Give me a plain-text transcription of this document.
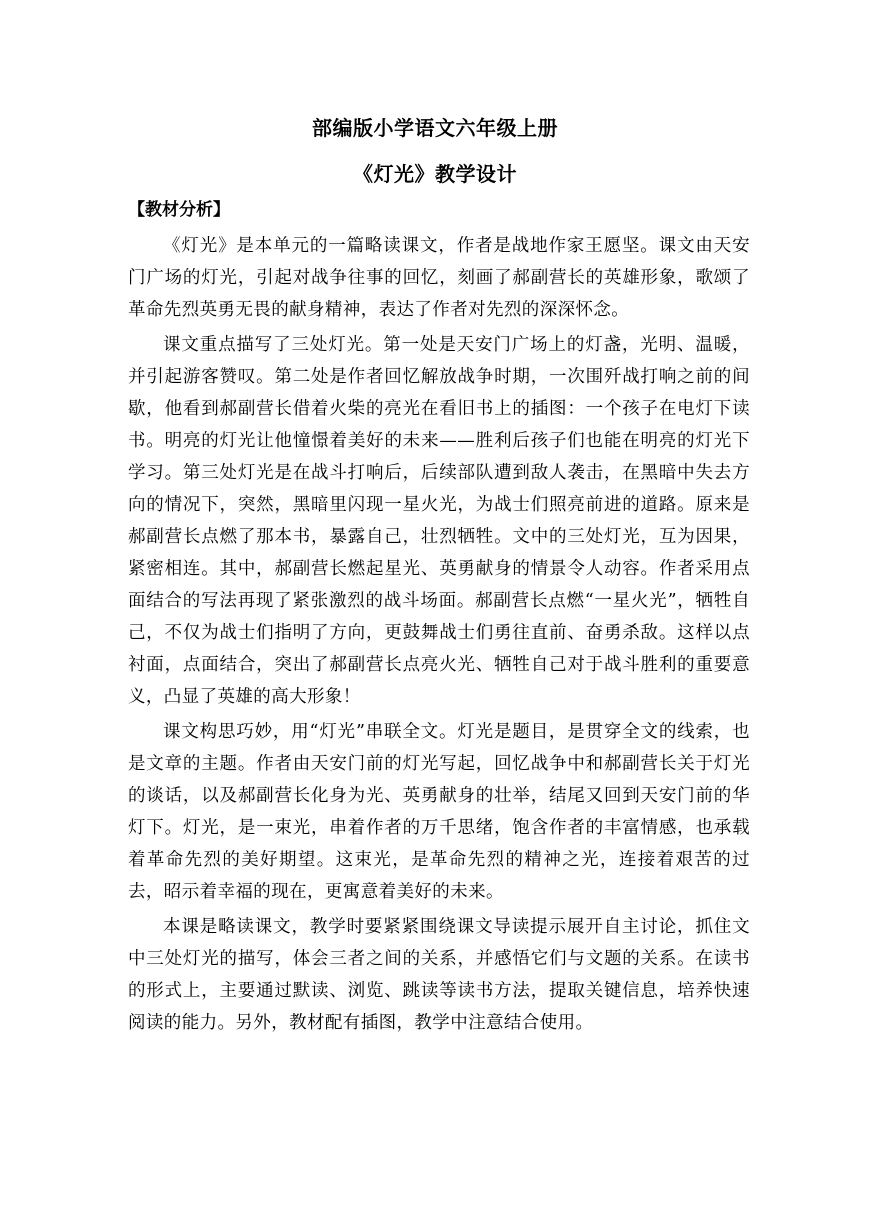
部编版小学语文六年级上册
《灯光》教学设计
【教材分析】

《灯光》是本单元的一篇略读课文，作者是战地作家王愿坚。课文由天安门广场的灯光，引起对战争往事的回忆，刻画了郝副营长的英雄形象，歌颂了革命先烈英勇无畏的献身精神，表达了作者对先烈的深深怀念。

课文重点描写了三处灯光。第一处是天安门广场上的灯盏，光明、温暖，并引起游客赞叹。第二处是作者回忆解放战争时期，一次围歼战打响之前的间歇，他看到郝副营长借着火柴的亮光在看旧书上的插图：一个孩子在电灯下读书。明亮的灯光让他憧憬着美好的未来——胜利后孩子们也能在明亮的灯光下学习。第三处灯光是在战斗打响后，后续部队遭到敌人袭击，在黑暗中失去方向的情况下，突然，黑暗里闪现一星火光，为战士们照亮前进的道路。原来是郝副营长点燃了那本书，暴露自己，壮烈牺牲。文中的三处灯光，互为因果，紧密相连。其中，郝副营长燃起星光、英勇献身的情景令人动容。作者采用点面结合的写法再现了紧张激烈的战斗场面。郝副营长点燃“一星火光”，牺牲自己，不仅为战士们指明了方向，更鼓舞战士们勇往直前、奋勇杀敌。这样以点衬面，点面结合，突出了郝副营长点亮火光、牺牲自己对于战斗胜利的重要意义，凸显了英雄的高大形象！

课文构思巧妙，用“灯光”串联全文。灯光是题目，是贯穿全文的线索，也是文章的主题。作者由天安门前的灯光写起，回忆战争中和郝副营长关于灯光的谈话，以及郝副营长化身为光、英勇献身的壮举，结尾又回到天安门前的华灯下。灯光，是一束光，串着作者的万千思绪，饱含作者的丰富情感，也承载着革命先烈的美好期望。这束光，是革命先烈的精神之光，连接着艰苦的过去，昭示着幸福的现在，更寓意着美好的未来。

本课是略读课文，教学时要紧紧围绕课文导读提示展开自主讨论，抓住文中三处灯光的描写，体会三者之间的关系，并感悟它们与文题的关系。在读书的形式上，主要通过默读、浏览、跳读等读书方法，提取关键信息，培养快速阅读的能力。另外，教材配有插图，教学中注意结合使用。
